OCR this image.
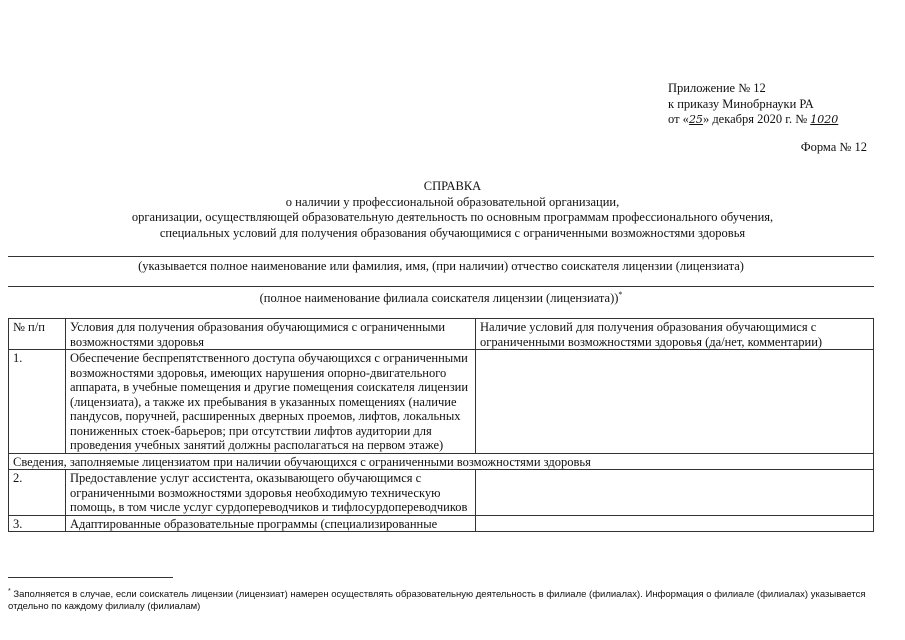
Приложение № 12
к приказу Минобрнауки РА
от «25» декабря 2020 г. № 1020
Форма № 12
СПРАВКА
о наличии у профессиональной образовательной организации,
организации, осуществляющей образовательную деятельность по основным программам профессионального обучения,
специальных условий для получения образования обучающимися с ограниченными возможностями здоровья
(указывается полное наименование или фамилия, имя, (при наличии) отчество соискателя лицензии (лицензиата)
(полное наименование филиала соискателя лицензии (лицензиата))*
№ п/п	Условия для получения образования обучающимися с ограниченными возможностями здоровья	Наличие условий для получения образования обучающимися с ограниченными возможностями здоровья (да/нет, комментарии)
1.	Обеспечение беспрепятственного доступа обучающихся с ограниченными возможностями здоровья, имеющих нарушения опорно-двигательного аппарата, в учебные помещения и другие помещения соискателя лицензии (лицензиата), а также их пребывания в указанных помещениях (наличие пандусов, поручней, расширенных дверных проемов, лифтов, локальных пониженных стоек-барьеров; при отсутствии лифтов аудитории для проведения учебных занятий должны располагаться на первом этаже)	
Сведения, заполняемые лицензиатом при наличии обучающихся с ограниченными возможностями здоровья		
2.	Предоставление услуг ассистента, оказывающего обучающимся с ограниченными возможностями здоровья необходимую техническую помощь, в том числе услуг сурдопереводчиков и тифлосурдопереводчиков	
3.	Адаптированные образовательные программы (специализированные	
* Заполняется в случае, если соискатель лицензии (лицензиат) намерен осуществлять образовательную деятельность в филиале (филиалах). Информация о филиале (филиалах) указывается отдельно по каждому филиалу (филиалам)
